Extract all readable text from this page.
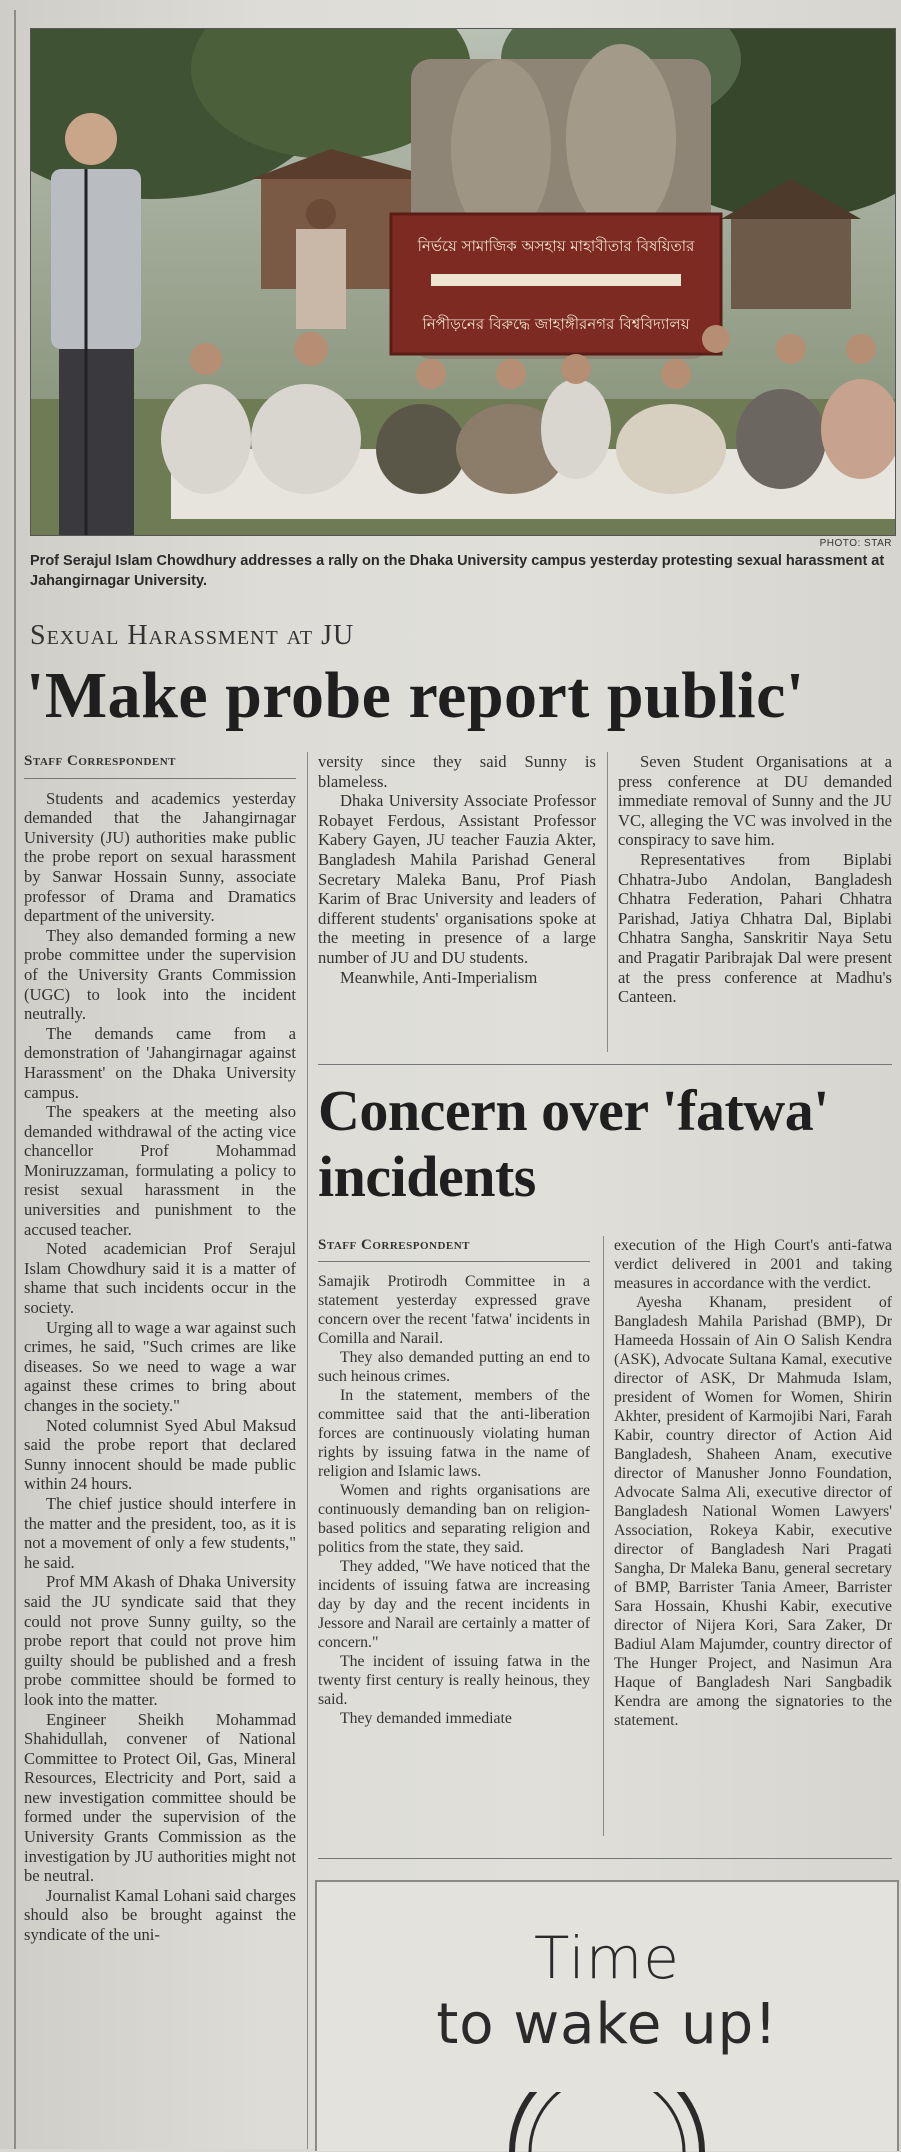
নির্ভয়ে সামাজিক অসহায় মাহাবীতার বিষয়িতার
নিপীড়নের বিরুদ্ধে জাহাঙ্গীরনগর বিশ্ববিদ্যালয়
PHOTO: STAR
Prof Serajul Islam Chowdhury addresses a rally on the Dhaka University campus yesterday protesting sexual harassment at Jahangirnagar University.
Sexual Harassment at JU
'Make probe report public'
Staff Correspondent

Students and academics yesterday demanded that the Jahangirnagar University (JU) authorities make public the probe report on sexual harassment by Sanwar Hossain Sunny, associate professor of Drama and Dramatics department of the university.

They also demanded forming a new probe committee under the supervision of the University Grants Commission (UGC) to look into the incident neutrally.

The demands came from a demonstration of 'Jahangirnagar against Harassment' on the Dhaka University campus.

The speakers at the meeting also demanded withdrawal of the acting vice chancellor Prof Mohammad Moniruzzaman, formulating a policy to resist sexual harassment in the universities and punishment to the accused teacher.

Noted academician Prof Serajul Islam Chowdhury said it is a matter of shame that such incidents occur in the society.

Urging all to wage a war against such crimes, he said, "Such crimes are like diseases. So we need to wage a war against these crimes to bring about changes in the society."

Noted columnist Syed Abul Maksud said the probe report that declared Sunny innocent should be made public within 24 hours.

The chief justice should interfere in the matter and the president, too, as it is not a movement of only a few students," he said.

Prof MM Akash of Dhaka University said the JU syndicate said that they could not prove Sunny guilty, so the probe report that could not prove him guilty should be published and a fresh probe committee should be formed to look into the matter.

Engineer Sheikh Mohammad Shahidullah, convener of National Committee to Protect Oil, Gas, Mineral Resources, Electricity and Port, said a new investigation committee should be formed under the supervision of the University Grants Commission as the investigation by JU authorities might not be neutral.

Journalist Kamal Lohani said charges should also be brought against the syndicate of the uni-

versity since they said Sunny is blameless.

Dhaka University Associate Professor Robayet Ferdous, Assistant Professor Kabery Gayen, JU teacher Fauzia Akter, Bangladesh Mahila Parishad General Secretary Maleka Banu, Prof Piash Karim of Brac University and leaders of different students' organisations spoke at the meeting in presence of a large number of JU and DU students.

Meanwhile, Anti-Imperialism

Seven Student Organisations at a press conference at DU demanded immediate removal of Sunny and the JU VC, alleging the VC was involved in the conspiracy to save him.

Representatives from Biplabi Chhatra-Jubo Andolan, Bangladesh Chhatra Federation, Pahari Chhatra Parishad, Jatiya Chhatra Dal, Biplabi Chhatra Sangha, Sanskritir Naya Setu and Pragatir Paribrajak Dal were present at the press conference at Madhu's Canteen.

Concern over 'fatwa' incidents
Staff Correspondent

Samajik Protirodh Committee in a statement yesterday expressed grave concern over the recent 'fatwa' incidents in Comilla and Narail.

They also demanded putting an end to such heinous crimes.

In the statement, members of the committee said that the anti-liberation forces are continuously violating human rights by issuing fatwa in the name of religion and Islamic laws.

Women and rights organisations are continuously demanding ban on religion-based politics and separating religion and politics from the state, they said.

They added, "We have noticed that the incidents of issuing fatwa are increasing day by day and the recent incidents in Jessore and Narail are certainly a matter of concern."

The incident of issuing fatwa in the twenty first century is really heinous, they said.

They demanded immediate

execution of the High Court's anti-fatwa verdict delivered in 2001 and taking measures in accordance with the verdict.

Ayesha Khanam, president of Bangladesh Mahila Parishad (BMP), Dr Hameeda Hossain of Ain O Salish Kendra (ASK), Advocate Sultana Kamal, executive director of ASK, Dr Mahmuda Islam, president of Women for Women, Shirin Akhter, president of Karmojibi Nari, Farah Kabir, country director of Action Aid Bangladesh, Shaheen Anam, executive director of Manusher Jonno Foundation, Advocate Salma Ali, executive director of Bangladesh National Women Lawyers' Association, Rokeya Kabir, executive director of Bangladesh Nari Pragati Sangha, Dr Maleka Banu, general secretary of BMP, Barrister Tania Ameer, Barrister Sara Hossain, Khushi Kabir, executive director of Nijera Kori, Sara Zaker, Dr Badiul Alam Majumder, country director of The Hunger Project, and Nasimun Ara Haque of Bangladesh Nari Sangbadik Kendra are among the signatories to the statement.

Time
to wake up!
